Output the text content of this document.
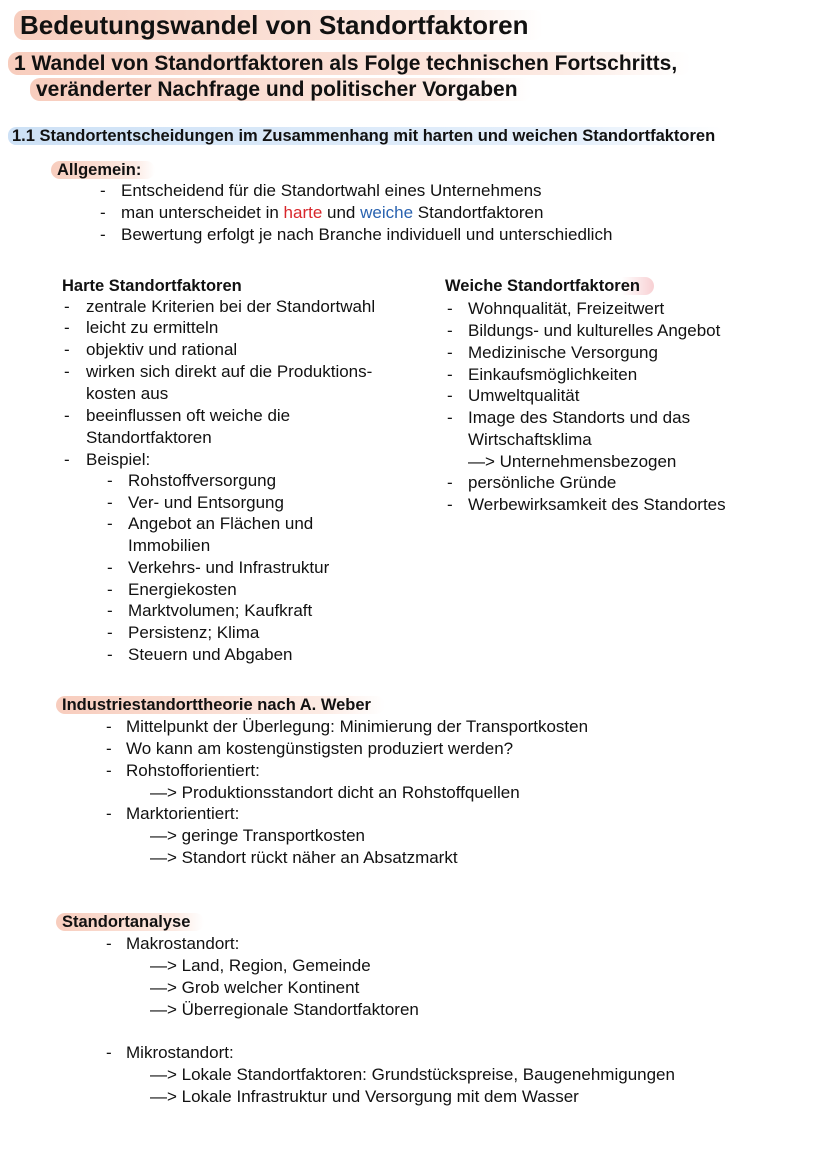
Bedeutungswandel von Standortfaktoren
1 Wandel von Standortfaktoren als Folge technischen Fortschritts,
veränderter Nachfrage und politischer Vorgaben
1.1 Standortentscheidungen im Zusammenhang mit harten und weichen Standortfaktoren
Allgemein:
- Entscheidend für die Standortwahl eines Unternehmens
- man unterscheidet in harte und weiche Standortfaktoren
- Bewertung erfolgt je nach Branche individuell und unterschiedlich
Harte Standortfaktoren
- zentrale Kriterien bei der Standortwahl
- leicht zu ermitteln
- objektiv und rational
- wirken sich direkt auf die Produktions-
kosten aus
- beeinflussen oft weiche die
Standortfaktoren
- Beispiel:
- Rohstoffversorgung
- Ver- und Entsorgung
- Angebot an Flächen und
Immobilien
- Verkehrs- und Infrastruktur
- Energiekosten
- Marktvolumen; Kaufkraft
- Persistenz; Klima
- Steuern und Abgaben
Weiche Standortfaktoren
- Wohnqualität, Freizeitwert
- Bildungs- und kulturelles Angebot
- Medizinische Versorgung
- Einkaufsmöglichkeiten
- Umweltqualität
- Image des Standorts und das
Wirtschaftsklima
—> Unternehmensbezogen
- persönliche Gründe
- Werbewirksamkeit des Standortes
Industriestandorttheorie nach A. Weber
- Mittelpunkt der Überlegung: Minimierung der Transportkosten
- Wo kann am kostengünstigsten produziert werden?
- Rohstofforientiert:
—> Produktionsstandort dicht an Rohstoffquellen
- Marktorientiert:
—> geringe Transportkosten
—> Standort rückt näher an Absatzmarkt
Standortanalyse
- Makrostandort:
—> Land, Region, Gemeinde
—> Grob welcher Kontinent
—> Überregionale Standortfaktoren
- Mikrostandort:
—> Lokale Standortfaktoren: Grundstückspreise, Baugenehmigungen
—> Lokale Infrastruktur und Versorgung mit dem Wasser
